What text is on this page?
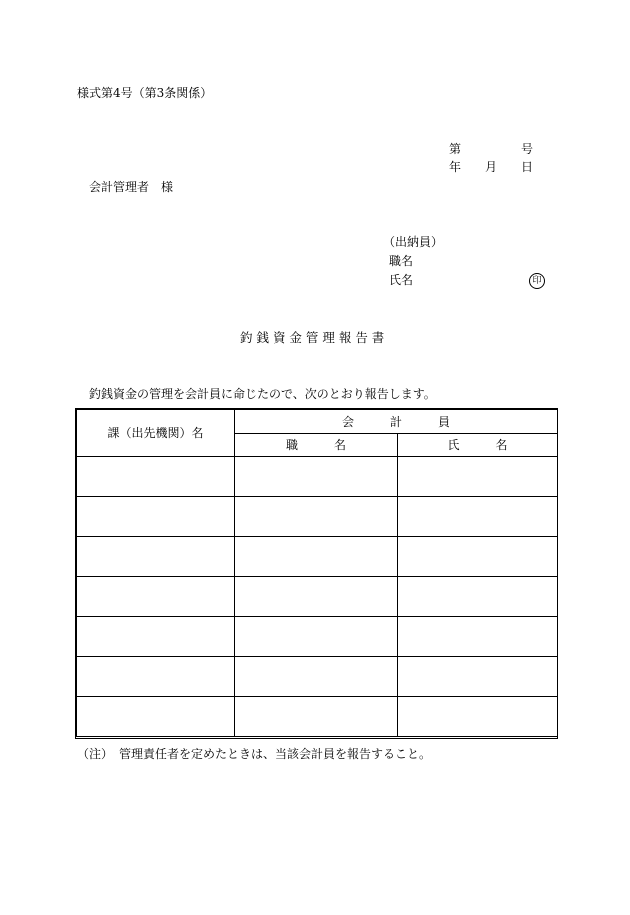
様式第4号（第3条関係）
第	号
年 月 日
会計管理者　様
（出納員）
職名
氏名	印
釣 銭 資 金 管 理 報 告 書
釣銭資金の管理を会計員に命じたので、次のとおり報告します。
課（出先機関）名	会　　　計　　　員	
	職　　　名	氏　　　名

（注）　管理責任者を定めたときは、当該会計員を報告すること。
